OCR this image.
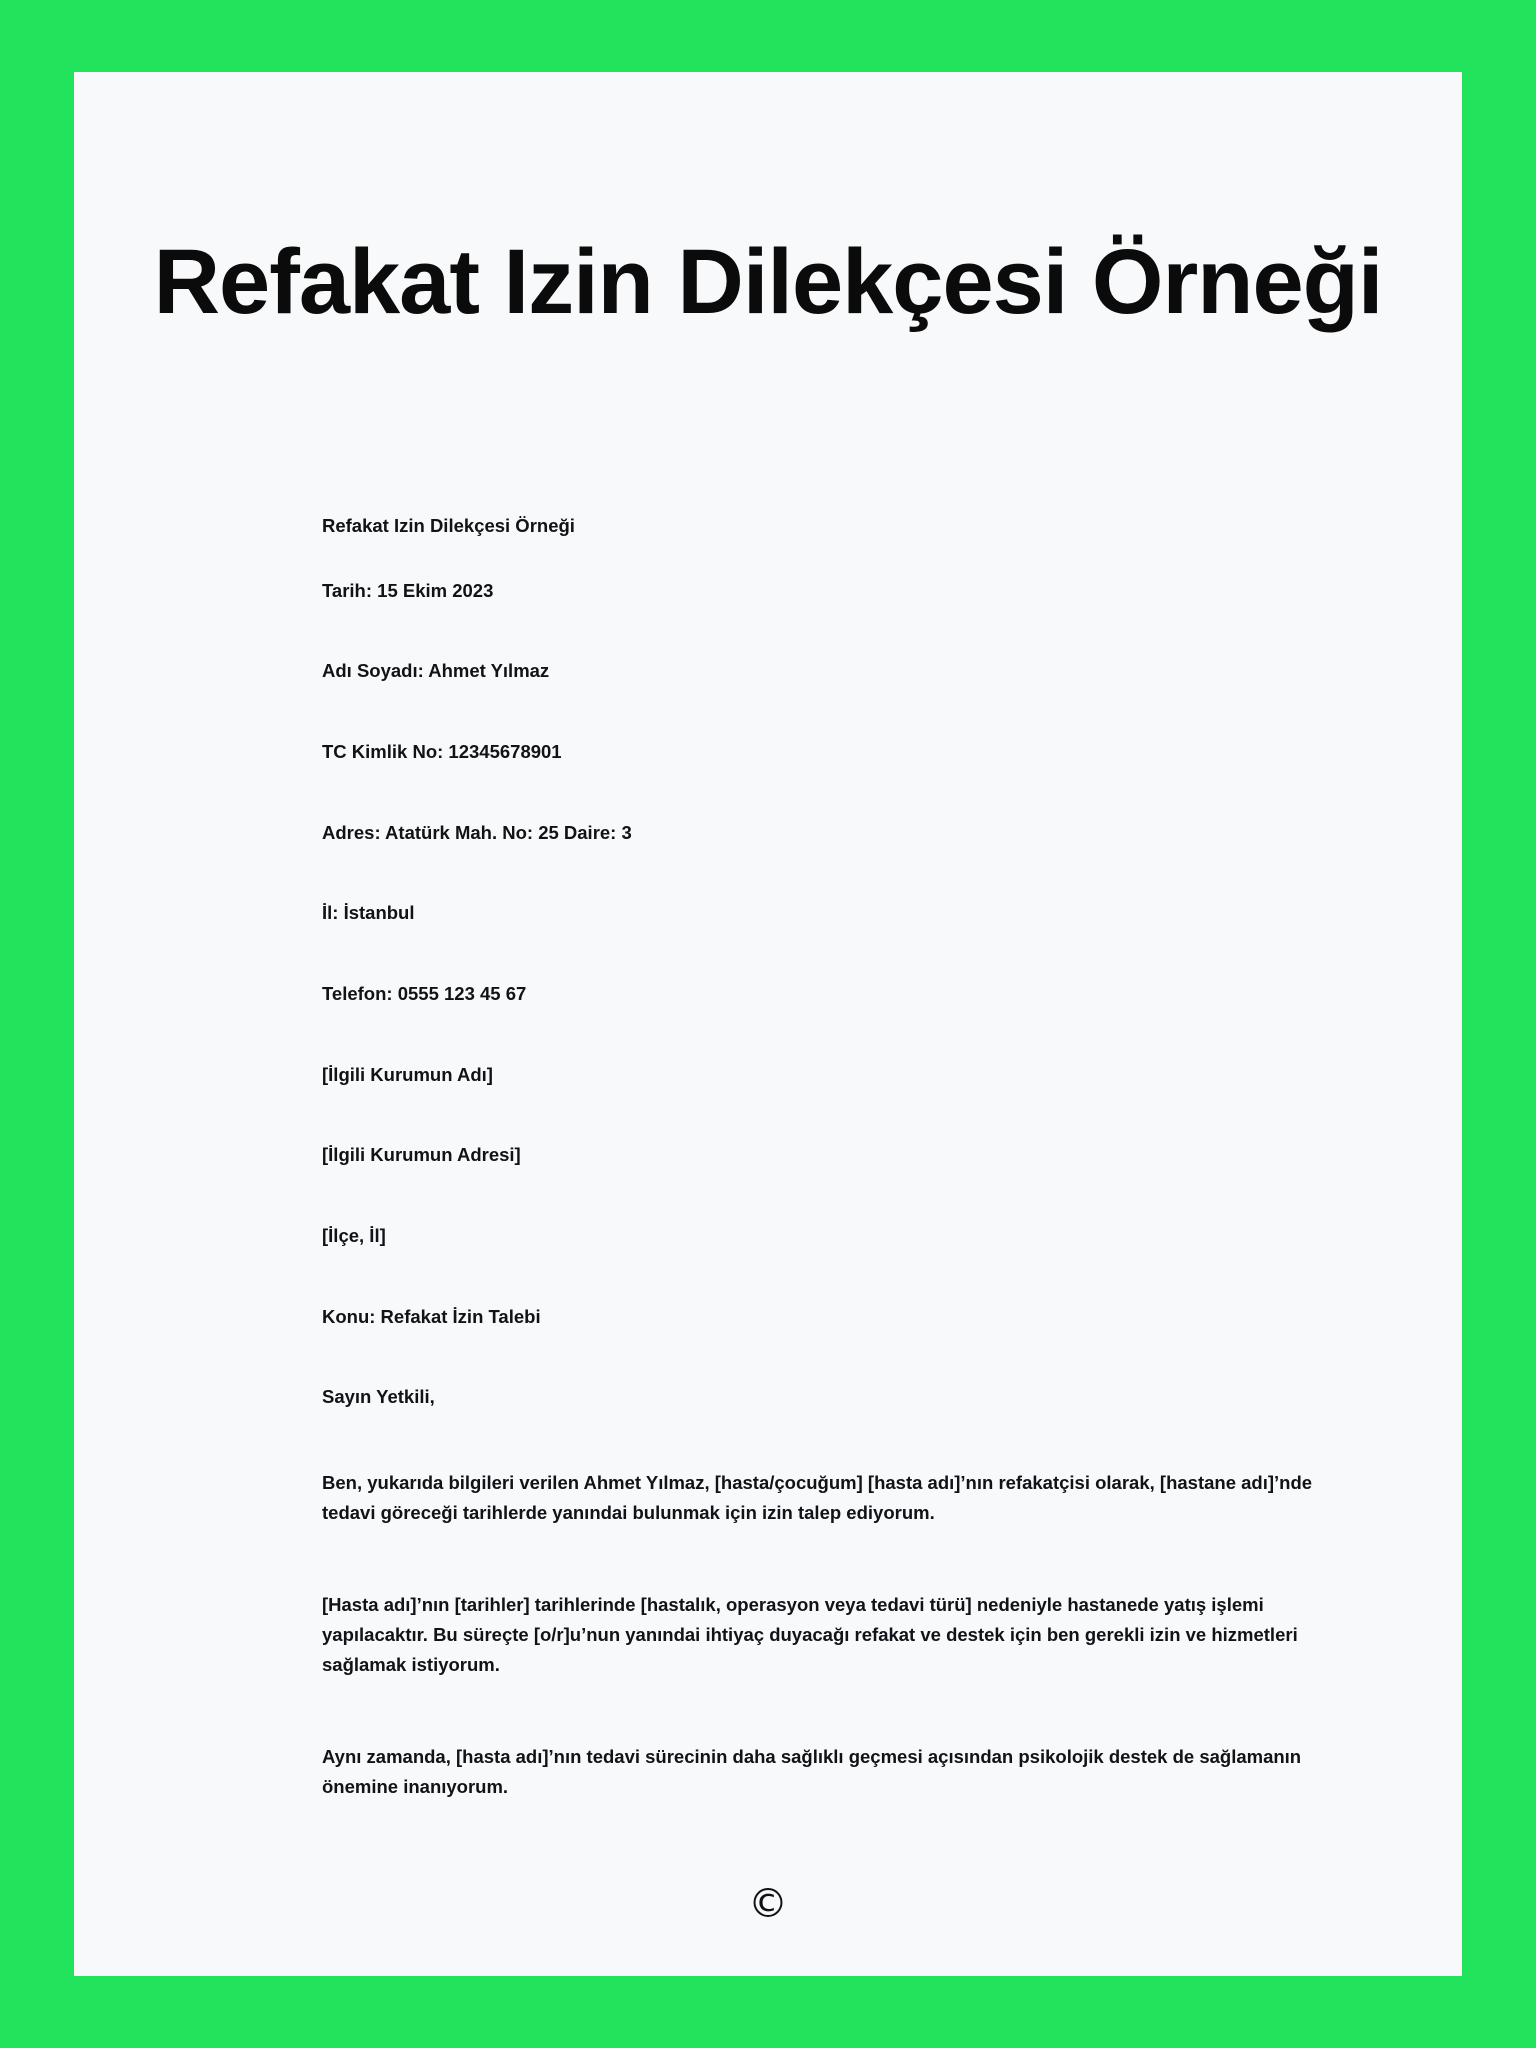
Refakat Izin Dilekçesi Örneği

Refakat Izin Dilekçesi Örneği

Tarih: 15 Ekim 2023

Adı Soyadı: Ahmet Yılmaz

TC Kimlik No: 12345678901

Adres: Atatürk Mah. No: 25 Daire: 3

İl: İstanbul

Telefon: 0555 123 45 67

[İlgili Kurumun Adı]

[İlgili Kurumun Adresi]

[İlçe, İl]

Konu: Refakat İzin Talebi

Sayın Yetkili,

Ben, yukarıda bilgileri verilen Ahmet Yılmaz, [hasta/çocuğum] [hasta adı]’nın refakatçisi olarak, [hastane adı]’nde tedavi göreceği tarihlerde yanındai bulunmak için izin talep ediyorum.

[Hasta adı]’nın [tarihler] tarihlerinde [hastalık, operasyon veya tedavi türü] nedeniyle hastanede yatış işlemi yapılacaktır. Bu süreçte [o/r]u’nun yanındai ihtiyaç duyacağı refakat ve destek için ben gerekli izin ve hizmetleri sağlamak istiyorum.

Aynı zamanda, [hasta adı]’nın tedavi sürecinin daha sağlıklı geçmesi açısından psikolojik destek de sağlamanın önemine inanıyorum.

©
